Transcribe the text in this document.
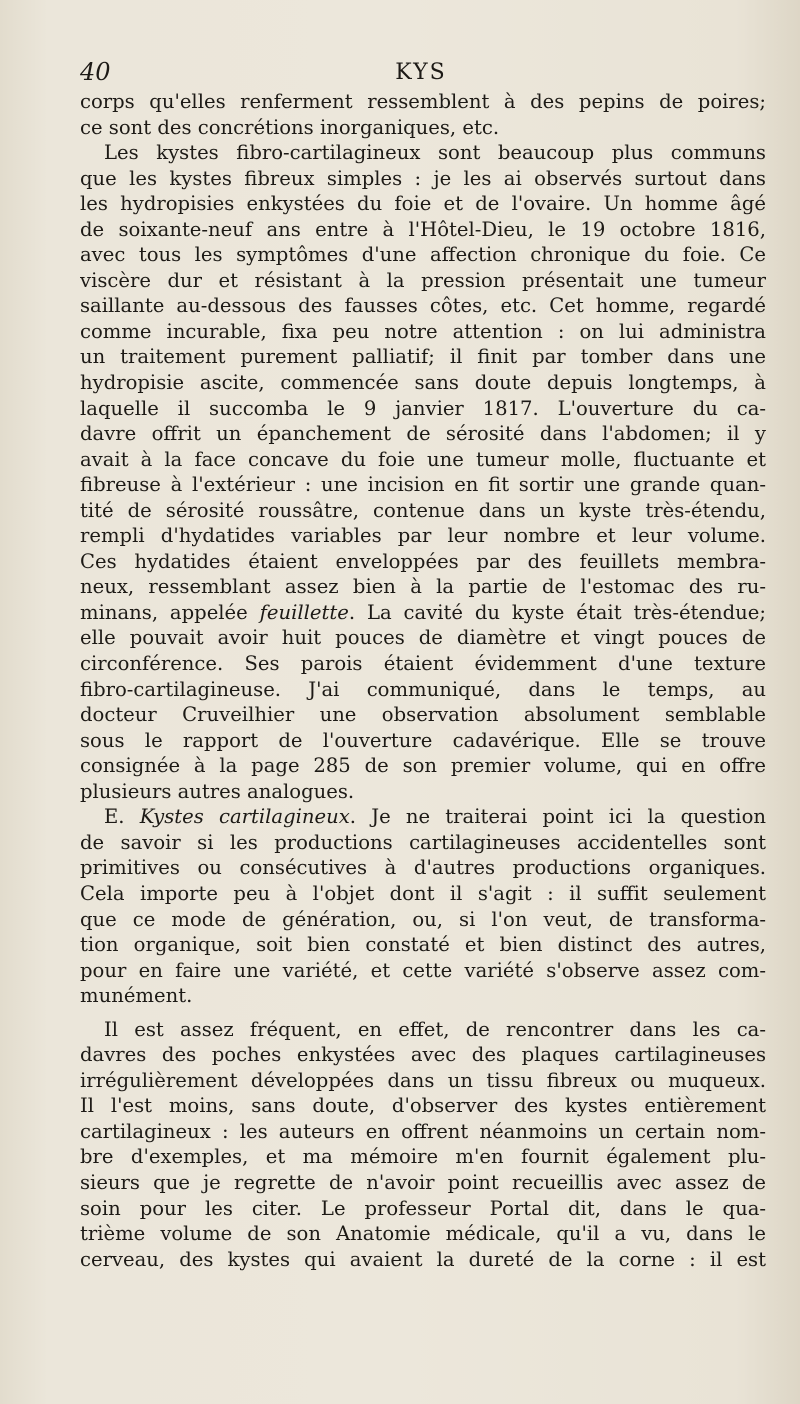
40	KYS
corps qu'elles renferment ressemblent à des pepins de poires;
ce sont des concrétions inorganiques, etc.
Les kystes fibro-cartilagineux sont beaucoup plus communs
que les kystes fibreux simples : je les ai observés surtout dans
les hydropisies enkystées du foie et de l'ovaire. Un homme âgé
de soixante-neuf ans entre à l'Hôtel-Dieu, le 19 octobre 1816,
avec tous les symptômes d'une affection chronique du foie. Ce
viscère dur et résistant à la pression présentait une tumeur
saillante au-dessous des fausses côtes, etc. Cet homme, regardé
comme incurable, fixa peu notre attention : on lui administra
un traitement purement palliatif; il finit par tomber dans une
hydropisie ascite, commencée sans doute depuis longtemps, à
laquelle il succomba le 9 janvier 1817. L'ouverture du ca-
davre offrit un épanchement de sérosité dans l'abdomen; il y
avait à la face concave du foie une tumeur molle, fluctuante et
fibreuse à l'extérieur : une incision en fit sortir une grande quan-
tité de sérosité roussâtre, contenue dans un kyste très-étendu,
rempli d'hydatides variables par leur nombre et leur volume.
Ces hydatides étaient enveloppées par des feuillets membra-
neux, ressemblant assez bien à la partie de l'estomac des ru-
minans, appelée feuillette. La cavité du kyste était très-étendue;
elle pouvait avoir huit pouces de diamètre et vingt pouces de
circonférence. Ses parois étaient évidemment d'une texture
fibro-cartilagineuse. J'ai communiqué, dans le temps, au
docteur Cruveilhier une observation absolument semblable
sous le rapport de l'ouverture cadavérique. Elle se trouve
consignée à la page 285 de son premier volume, qui en offre
plusieurs autres analogues.
E. Kystes cartilagineux. Je ne traiterai point ici la question
de savoir si les productions cartilagineuses accidentelles sont
primitives ou consécutives à d'autres productions organiques.
Cela importe peu à l'objet dont il s'agit : il suffit seulement
que ce mode de génération, ou, si l'on veut, de transforma-
tion organique, soit bien constaté et bien distinct des autres,
pour en faire une variété, et cette variété s'observe assez com-
munément.
Il est assez fréquent, en effet, de rencontrer dans les ca-
davres des poches enkystées avec des plaques cartilagineuses
irrégulièrement développées dans un tissu fibreux ou muqueux.
Il l'est moins, sans doute, d'observer des kystes entièrement
cartilagineux : les auteurs en offrent néanmoins un certain nom-
bre d'exemples, et ma mémoire m'en fournit également plu-
sieurs que je regrette de n'avoir point recueillis avec assez de
soin pour les citer. Le professeur Portal dit, dans le qua-
trième volume de son Anatomie médicale, qu'il a vu, dans le
cerveau, des kystes qui avaient la dureté de la corne : il est
